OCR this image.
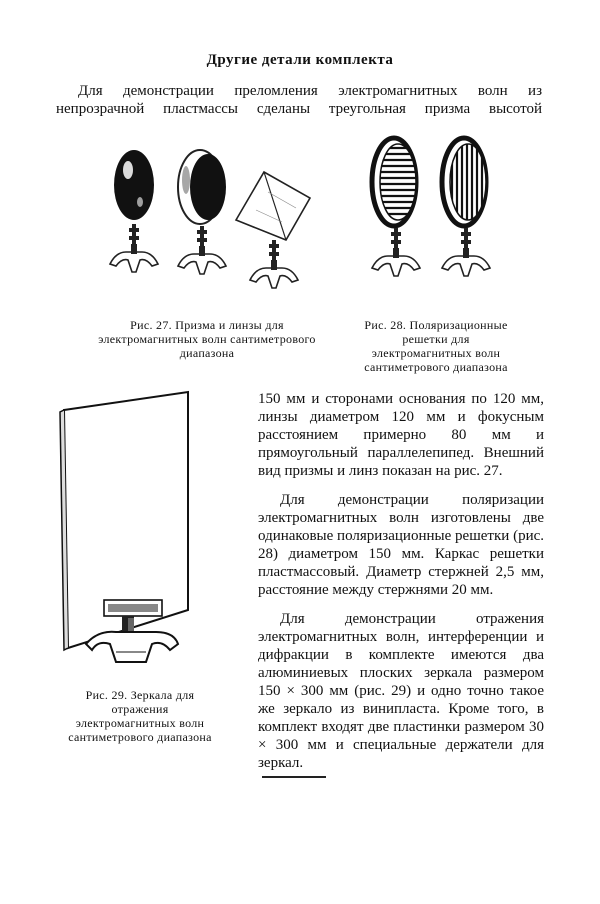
Другие детали комплекта
Для демонстрации преломления электромагнитных волн из
непрозрачной пластмассы сделаны треугольная призма высотой
Рис. 27. Призма и линзы для электромагнитных волн сантиметрового диапазона
Рис. 28. Поляризационные решетки для электромагнитных волн сантиметрового диапазона
Рис. 29. Зеркала для отражения электромагнитных волн сантиметрового диапазона

150 мм и сторонами основания по 120 мм, линзы диаметром 120 мм и фокусным расстоянием примерно 80 мм и прямоугольный параллелепипед. Внешний вид призмы и линз показан на рис. 27.

Для демонстрации поляризации электромагнитных волн изготовлены две одинаковые поляризационные решетки (рис. 28) диаметром 150 мм. Каркас решетки пластмассовый. Диаметр стержней 2,5 мм, расстояние между стержнями 20 мм.

Для демонстрации отражения электромагнитных волн, интерференции и дифракции в комплекте имеются два алюминиевых плоских зеркала размером 150 × 300 мм (рис. 29) и одно точно такое же зеркало из винипласта. Кроме того, в комплект входят две пластинки размером 30 × 300 мм и специальные держатели для зеркал.
